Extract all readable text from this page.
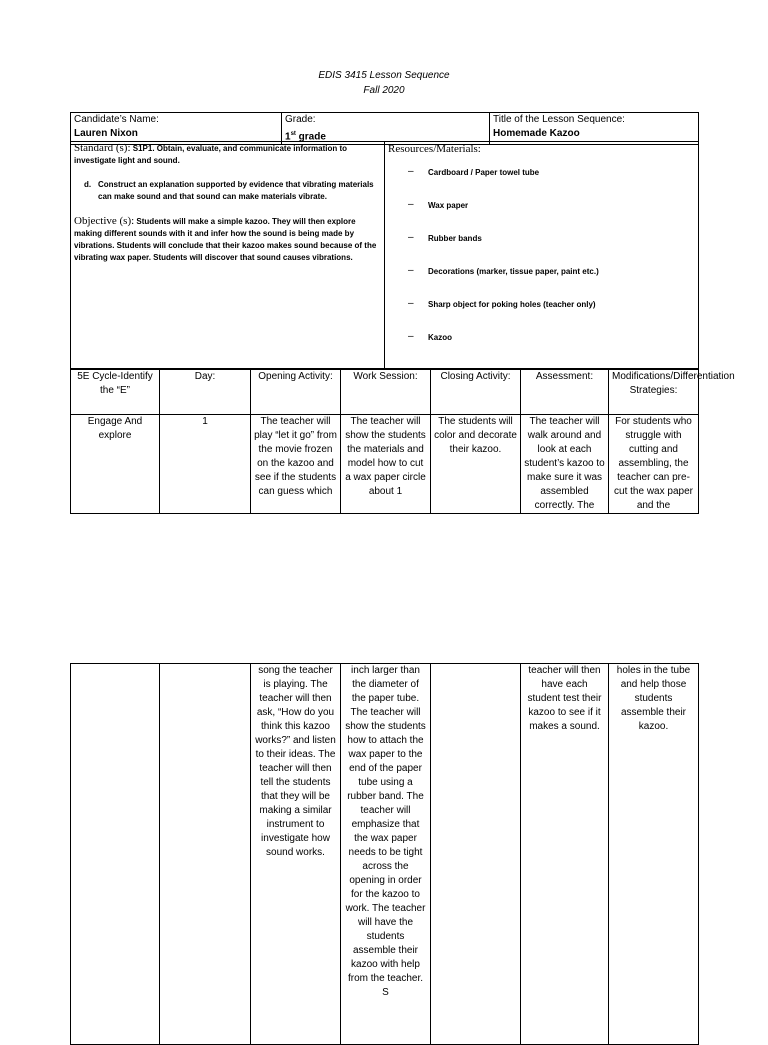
EDIS 3415 Lesson Sequence
Fall 2020
Candidate’s Name:
Lauren Nixon

Grade:
1st grade

Title of the Lesson Sequence:
Homemade Kazoo
Standard (s): S1P1. Obtain, evaluate, and communicate information to investigate light and sound.
d. Construct an explanation supported by evidence that vibrating materials can make sound and that sound can make materials vibrate.
Objective (s): Students will make a simple kazoo. They will then explore making different sounds with it and infer how the sound is being made by vibrations. Students will conclude that their kazoo makes sound because of the vibrating wax paper. Students will discover that sound causes vibrations.

Resources/Materials:
– Cardboard / Paper towel tube
– Wax paper
– Rubber bands
– Decorations (marker, tissue paper, paint etc.)
– Sharp object for poking holes (teacher only)
– Kazoo
5E Cycle-Identify the “E”	Day:	Opening Activity:	Work Session:	Closing Activity:	Assessment:	Modifications/Differentiation Strategies:
Engage And explore	1	The teacher will play “let it go” from the movie frozen on the kazoo and see if the students can guess which	The teacher will show the students the materials and model how to cut a wax paper circle about 1	The students will color and decorate their kazoo.	The teacher will walk around and look at each student’s kazoo to make sure it was assembled correctly. The	For students who struggle with cutting and assembling, the teacher can pre-cut the wax paper and the
		song the teacher is playing. The teacher will then ask, “How do you think this kazoo works?” and listen to their ideas. The teacher will then tell the students that they will be making a similar instrument to investigate how sound works.	inch larger than the diameter of the paper tube. The teacher will show the students how to attach the wax paper to the end of the paper tube using a rubber band. The teacher will emphasize that the wax paper needs to be tight across the opening in order for the kazoo to work. The teacher will have the students assemble their kazoo with help from the teacher. S		teacher will then have each student test their kazoo to see if it makes a sound.	holes in the tube and help those students assemble their kazoo.
